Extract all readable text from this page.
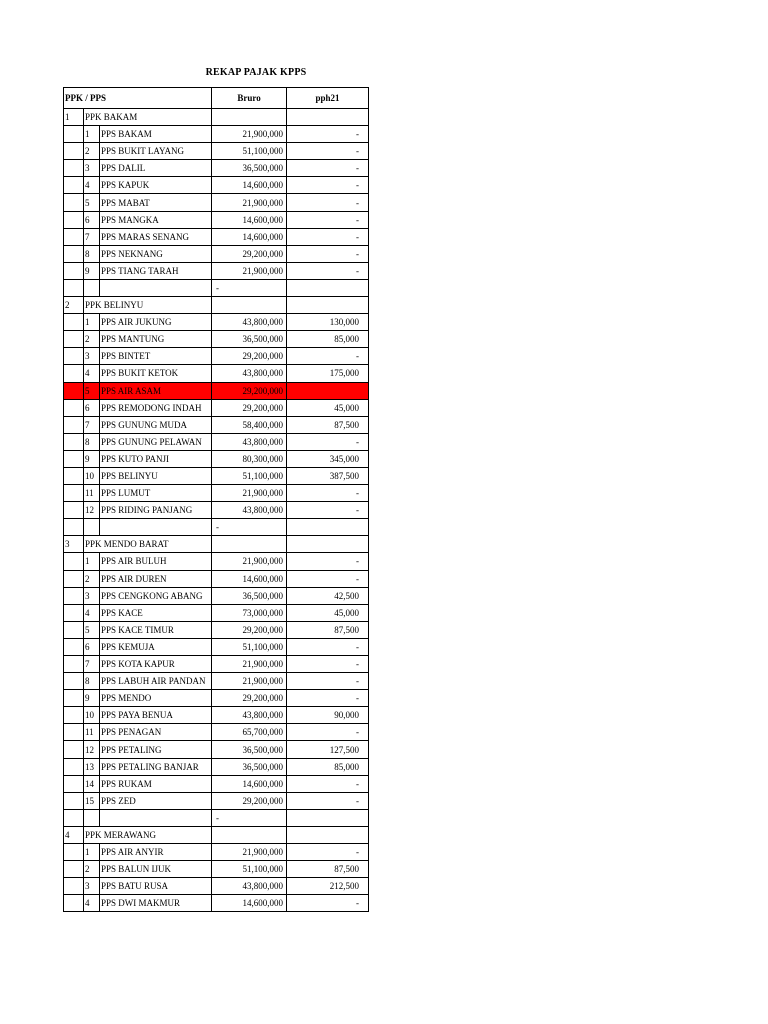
REKAP PAJAK KPPS
PPK / PPS			Bruro	pph21
1	PPK BAKAM			
	1	PPS BAKAM	21,900,000	-
	2	PPS BUKIT LAYANG	51,100,000	-
	3	PPS DALIL	36,500,000	-
	4	PPS KAPUK	14,600,000	-
	5	PPS MABAT	21,900,000	-
	6	PPS MANGKA	14,600,000	-
	7	PPS MARAS SENANG	14,600,000	-
	8	PPS NEKNANG	29,200,000	-
	9	PPS TIANG TARAH	21,900,000	-
			-	
2	PPK BELINYU			
	1	PPS AIR JUKUNG	43,800,000	130,000
	2	PPS MANTUNG	36,500,000	85,000
	3	PPS BINTET	29,200,000	-
	4	PPS BUKIT KETOK	43,800,000	175,000
	5	PPS AIR ASAM	29,200,000	
	6	PPS REMODONG INDAH	29,200,000	45,000
	7	PPS GUNUNG MUDA	58,400,000	87,500
	8	PPS GUNUNG PELAWAN	43,800,000	-
	9	PPS KUTO PANJI	80,300,000	345,000
	10	PPS BELINYU	51,100,000	387,500
	11	PPS LUMUT	21,900,000	-
	12	PPS RIDING PANJANG	43,800,000	-
			-	
3	PPK MENDO BARAT			
	1	PPS AIR BULUH	21,900,000	-
	2	PPS AIR DUREN	14,600,000	-
	3	PPS CENGKONG ABANG	36,500,000	42,500
	4	PPS KACE	73,000,000	45,000
	5	PPS KACE TIMUR	29,200,000	87,500
	6	PPS KEMUJA	51,100,000	-
	7	PPS KOTA KAPUR	21,900,000	-
	8	PPS LABUH AIR PANDAN	21,900,000	-
	9	PPS MENDO	29,200,000	-
	10	PPS PAYA BENUA	43,800,000	90,000
	11	PPS PENAGAN	65,700,000	-
	12	PPS PETALING	36,500,000	127,500
	13	PPS PETALING BANJAR	36,500,000	85,000
	14	PPS RUKAM	14,600,000	-
	15	PPS ZED	29,200,000	-
			-	
4	PPK MERAWANG			
	1	PPS AIR ANYIR	21,900,000	-
	2	PPS BALUN IJUK	51,100,000	87,500
	3	PPS BATU RUSA	43,800,000	212,500
	4	PPS DWI MAKMUR	14,600,000	-
